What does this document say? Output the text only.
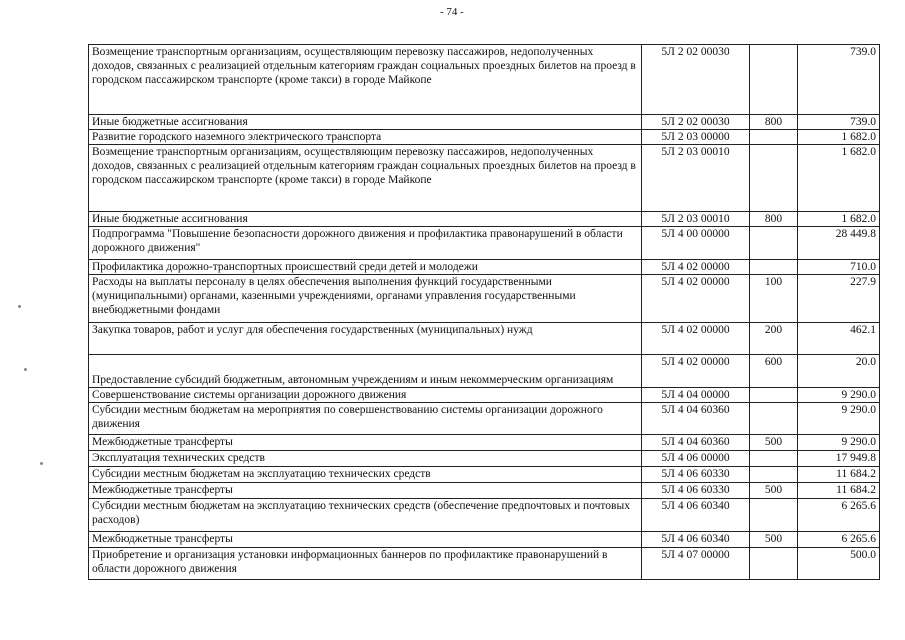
- 74 -
Возмещение транспортным организациям, осуществляющим перевозку пассажиров, недополученных доходов, связанных с реализацией отдельным категориям граждан социальных проездных билетов на проезд в городском пассажирском транспорте (кроме такси) в городе Майкопе	5Л 2 02 00030		739.0
Иные бюджетные ассигнования	5Л 2 02 00030	800	739.0
Развитие городского наземного электрического транспорта	5Л 2 03 00000		1 682.0
Возмещение транспортным организациям, осуществляющим перевозку пассажиров, недополученных доходов, связанных с реализацией отдельным категориям граждан социальных проездных билетов на проезд в городском пассажирском транспорте (кроме такси) в городе Майкопе	5Л 2 03 00010		1 682.0
Иные бюджетные ассигнования	5Л 2 03 00010	800	1 682.0
Подпрограмма "Повышение безопасности дорожного движения и профилактика правонарушений в области дорожного движения"	5Л 4 00 00000		28 449.8
Профилактика дорожно-транспортных происшествий среди детей и молодежи	5Л 4 02 00000		710.0
Расходы на выплаты персоналу в целях обеспечения выполнения функций государственными (муниципальными) органами, казенными учреждениями, органами управления государственными внебюджетными фондами	5Л 4 02 00000	100	227.9
Закупка товаров, работ и услуг для обеспечения государственных (муниципальных) нужд	5Л 4 02 00000	200	462.1
Предоставление субсидий бюджетным, автономным учреждениям и иным некоммерческим организациям	5Л 4 02 00000	600	20.0
Совершенствование системы организации дорожного движения	5Л 4 04 00000		9 290.0
Субсидии местным бюджетам на мероприятия по совершенствованию системы организации дорожного движения	5Л 4 04 60360		9 290.0
Межбюджетные трансферты	5Л 4 04 60360	500	9 290.0
Эксплуатация технических средств	5Л 4 06 00000		17 949.8
Субсидии местным бюджетам на эксплуатацию технических средств	5Л 4 06 60330		11 684.2
Межбюджетные трансферты	5Л 4 06 60330	500	11 684.2
Субсидии местным бюджетам на эксплуатацию технических средств (обеспечение предпочтовых и почтовых расходов)	5Л 4 06 60340		6 265.6
Межбюджетные трансферты	5Л 4 06 60340	500	6 265.6
Приобретение и организация установки информационных баннеров по профилактике правонарушений в области дорожного движения	5Л 4 07 00000		500.0
